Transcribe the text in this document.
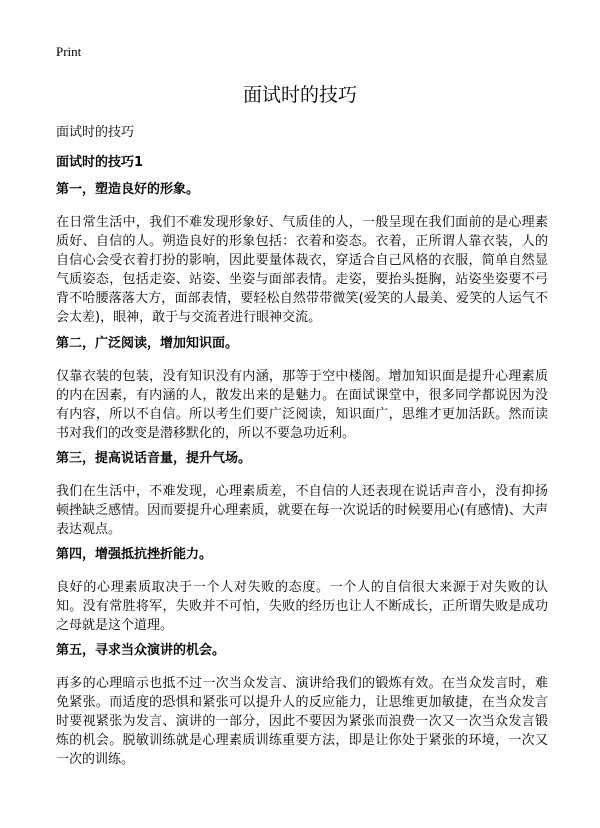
Print
面试时的技巧
面试时的技巧
面试时的技巧1
第一，塑造良好的形象。

在日常生活中，我们不难发现形象好、气质佳的人，一般呈现在我们面前的是心理素质好、自信的人。朔造良好的形象包括：衣着和姿态。衣着，正所谓人靠衣装，人的自信心会受衣着打扮的影响，因此要量体裁衣，穿适合自己风格的衣服，简单自然显气质姿态，包括走姿、站姿、坐姿与面部表情。走姿，要抬头挺胸，站姿坐姿要不弓背不哈腰落落大方，面部表情，要轻松自然带带微笑(爱笑的人最美、爱笑的人运气不会太差)，眼神，敢于与交流者进行眼神交流。

第二，广泛阅读，增加知识面。

仅靠衣装的包装，没有知识没有内涵，那等于空中楼阁。增加知识面是提升心理素质的内在因素，有内涵的人，散发出来的是魅力。在面试课堂中，很多同学都说因为没有内容，所以不自信。所以考生们要广泛阅读，知识面广，思维才更加活跃。然而读书对我们的改变是潜移默化的，所以不要急功近利。

第三，提高说话音量，提升气场。

我们在生活中，不难发现，心理素质差，不自信的人还表现在说话声音小，没有抑扬顿挫缺乏感情。因而要提升心理素质，就要在每一次说话的时候要用心(有感情)、大声表达观点。

第四，增强抵抗挫折能力。

良好的心理素质取决于一个人对失败的态度。一个人的自信很大来源于对失败的认知。没有常胜将军，失败并不可怕，失败的经历也让人不断成长，正所谓失败是成功之母就是这个道理。

第五，寻求当众演讲的机会。

再多的心理暗示也抵不过一次当众发言、演讲给我们的锻炼有效。在当众发言时，难免紧张。而适度的恐惧和紧张可以提升人的反应能力，让思维更加敏捷，在当众发言时要视紧张为发言、演讲的一部分，因此不要因为紧张而浪费一次又一次当众发言锻炼的机会。脱敏训练就是心理素质训练重要方法，即是让你处于紧张的环境，一次又一次的训练。
